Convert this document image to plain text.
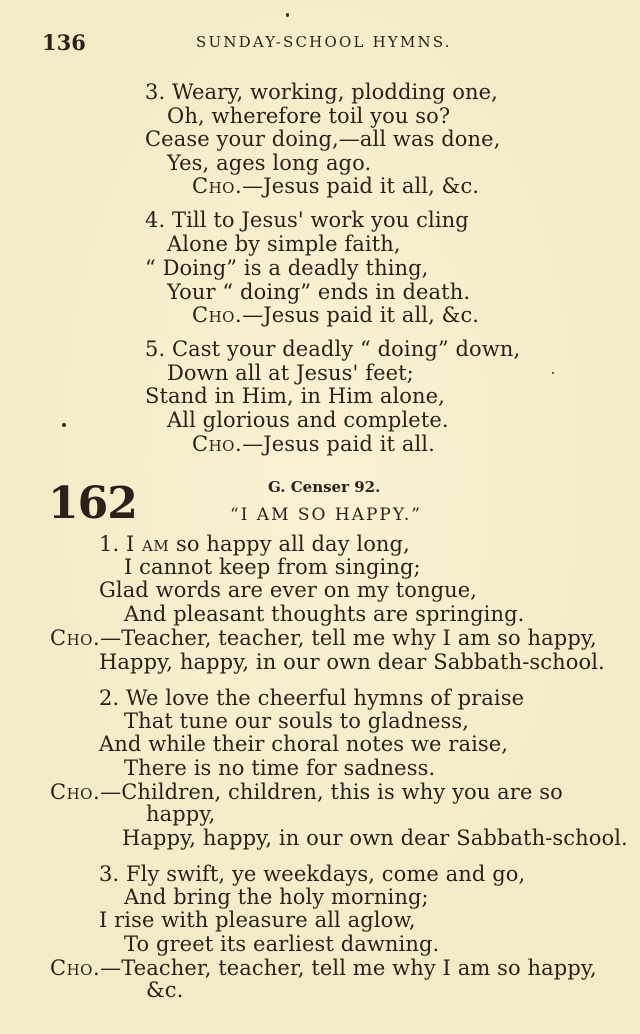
136	SUNDAY-SCHOOL HYMNS.
3. Weary, working, plodding one,
Oh, wherefore toil you so?
Cease your doing,—all was done,
Yes, ages long ago.
Cho.—Jesus paid it all, &c.
4. Till to Jesus' work you cling
Alone by simple faith,
“ Doing” is a deadly thing,
Your “ doing” ends in death.
Cho.—Jesus paid it all, &c.
5. Cast your deadly “ doing” down,
Down all at Jesus' feet;
Stand in Him, in Him alone,
All glorious and complete.
Cho.—Jesus paid it all.
162	G. Censer 92.
“I AM SO HAPPY.”
1. I am so happy all day long,
I cannot keep from singing;
Glad words are ever on my tongue,
And pleasant thoughts are springing.
Cho.—Teacher, teacher, tell me why I am so happy,
Happy, happy, in our own dear Sabbath-school.
2. We love the cheerful hymns of praise
That tune our souls to gladness,
And while their choral notes we raise,
There is no time for sadness.
Cho.—Children, children, this is why you are so
happy,
Happy, happy, in our own dear Sabbath-school.
3. Fly swift, ye weekdays, come and go,
And bring the holy morning;
I rise with pleasure all aglow,
To greet its earliest dawning.
Cho.—Teacher, teacher, tell me why I am so happy,
&c.
